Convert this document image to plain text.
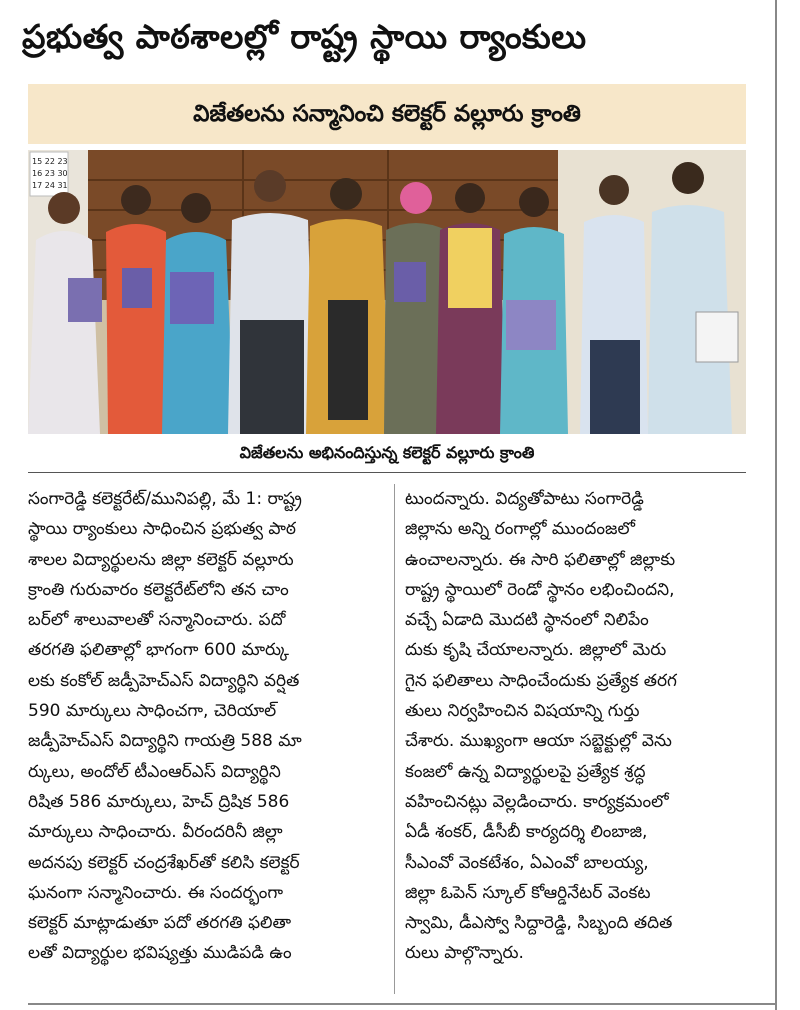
ప్రభుత్వ పాఠశాలల్లో రాష్ట్ర స్థాయి ర్యాంకులు
విజేతలను సన్మానించి కలెక్టర్ వల్లూరు క్రాంతి
15 22 23
16 23 30
17 24 31
విజేతలను అభినందిస్తున్న కలెక్టర్ వల్లూరు క్రాంతి
సంగారెడ్డి కలెక్టరేట్/మునిపల్లి, మే 1: రాష్ట్ర
స్థాయి ర్యాంకులు సాధించిన ప్రభుత్వ పాఠ
శాలల విద్యార్థులను జిల్లా కలెక్టర్ వల్లూరు
క్రాంతి గురువారం కలెక్టరేట్‌లోని తన చాం
బర్‌లో శాలువాలతో సన్మానించారు. పదో
తరగతి ఫలితాల్లో భాగంగా 600 మార్కు
లకు కంకోల్ జడ్పీహెచ్ఎస్ విద్యార్థిని వర్షిత
590 మార్కులు సాధించగా, చెరియాల్
జడ్పీహెచ్ఎస్ విద్యార్థిని గాయత్రి 588 మా
ర్కులు, అందోల్ టీఎంఆర్ఎస్ విద్యార్థిని
రిషిత 586 మార్కులు, హెచ్ ద్రిషిక 586
మార్కులు సాధించారు. వీరందరినీ జిల్లా
అదనపు కలెక్టర్ చంద్రశేఖర్‌తో కలిసి కలెక్టర్
ఘనంగా సన్మానించారు. ఈ సందర్భంగా
కలెక్టర్ మాట్లాడుతూ పదో తరగతి ఫలితా
లతో విద్యార్థుల భవిష్యత్తు ముడిపడి ఉం
టుందన్నారు. విద్యతోపాటు సంగారెడ్డి
జిల్లాను అన్ని రంగాల్లో ముందంజలో
ఉంచాలన్నారు. ఈ సారి ఫలితాల్లో జిల్లాకు
రాష్ట్ర స్థాయిలో రెండో స్థానం లభించిందని,
వచ్చే ఏడాది మొదటి స్థానంలో నిలిపేం
దుకు కృషి చేయాలన్నారు. జిల్లాలో మెరు
గైన ఫలితాలు సాధించేందుకు ప్రత్యేక తరగ
తులు నిర్వహించిన విషయాన్ని గుర్తు
చేశారు. ముఖ్యంగా ఆయా సబ్జెక్టుల్లో వెను
కంజలో ఉన్న విద్యార్థులపై ప్రత్యేక శ్రద్ధ
వహించినట్లు వెల్లడించారు. కార్యక్రమంలో
ఏడీ శంకర్, డీసీబీ కార్యదర్శి లింబాజి,
సీఎంవో వెంకటేశం, ఏఎంవో బాలయ్య,
జిల్లా ఓపెన్ స్కూల్ కోఆర్డినేటర్ వెంకట
స్వామి, డీఎస్వో సిద్దారెడ్డి, సిబ్బంది తదిత
రులు పాల్గొన్నారు.
